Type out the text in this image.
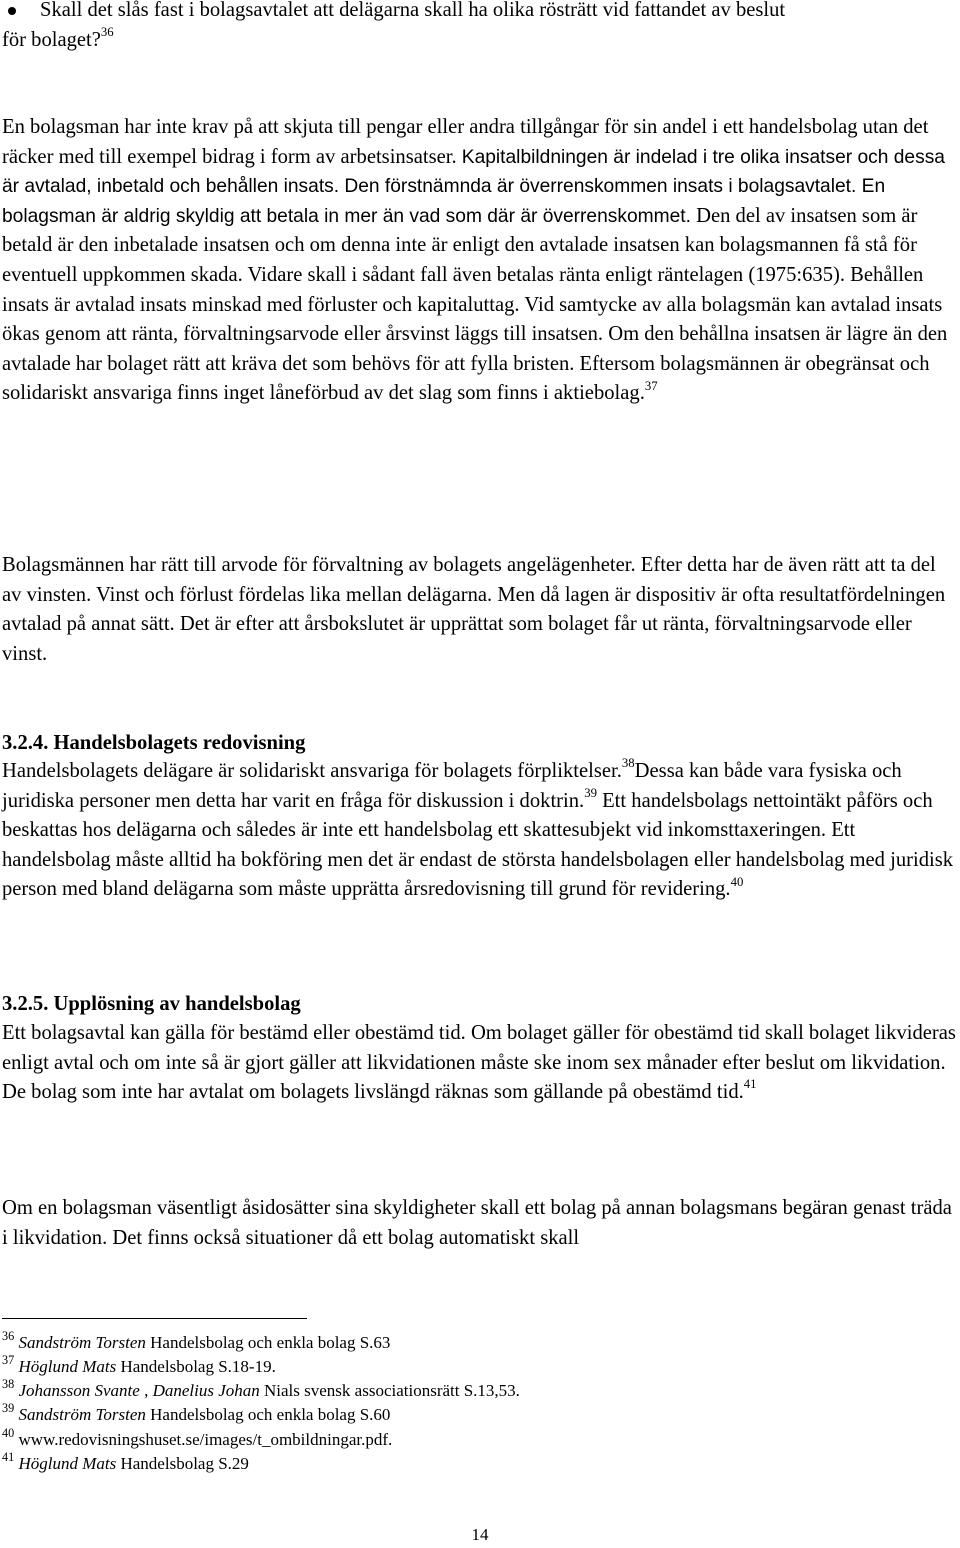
Skall det slås fast i bolagsavtalet att delägarna skall ha olika rösträtt vid fattandet av beslut
för bolaget?$^{36}$

En bolagsman har inte krav på att skjuta till pengar eller andra tillgångar för sin andel i ett handelsbolag utan det räcker med till exempel bidrag i form av arbetsinsatser. Kapitalbildningen är indelad i tre olika insatser och dessa är avtalad, inbetald och behållen insats. Den förstnämnda är överrenskommen insats i bolagsavtalet. En bolagsman är aldrig skyldig att betala in mer än vad som där är överrenskommet. Den del av insatsen som är betald är den inbetalade insatsen och om denna inte är enligt den avtalade insatsen kan bolagsmannen få stå för eventuell uppkommen skada. Vidare skall i sådant fall även betalas ränta enligt räntelagen (1975:635). Behållen insats är avtalad insats minskad med förluster och kapitaluttag. Vid samtycke av alla bolagsmän kan avtalad insats ökas genom att ränta, förvaltningsarvode eller årsvinst läggs till insatsen. Om den behållna insatsen är lägre än den avtalade har bolaget rätt att kräva det som behövs för att fylla bristen. Eftersom bolagsmännen är obegränsat och solidariskt ansvariga finns inget låneförbud av det slag som finns i aktiebolag.$^{37}$

Bolagsmännen har rätt till arvode för förvaltning av bolagets angelägenheter. Efter detta har de även rätt att ta del av vinsten. Vinst och förlust fördelas lika mellan delägarna. Men då lagen är dispositiv är ofta resultatfördelningen avtalad på annat sätt. Det är efter att årsbokslutet är upprättat som bolaget får ut ränta, förvaltningsarvode eller vinst.

3.2.4. Handelsbolagets redovisning

Handelsbolagets delägare är solidariskt ansvariga för bolagets förpliktelser.$^{38}$Dessa kan både vara fysiska och juridiska personer men detta har varit en fråga för diskussion i doktrin.$^{39}$ Ett handelsbolags nettointäkt påförs och beskattas hos delägarna och således är inte ett handelsbolag ett skattesubjekt vid inkomsttaxeringen. Ett handelsbolag måste alltid ha bokföring men det är endast de största handelsbolagen eller handelsbolag med juridisk person med bland delägarna som måste upprätta årsredovisning till grund för revidering.$^{40}$

3.2.5. Upplösning av handelsbolag

Ett bolagsavtal kan gälla för bestämd eller obestämd tid. Om bolaget gäller för obestämd tid skall bolaget likvideras enligt avtal och om inte så är gjort gäller att likvidationen måste ske inom sex månader efter beslut om likvidation. De bolag som inte har avtalat om bolagets livslängd räknas som gällande på obestämd tid.$^{41}$

Om en bolagsman väsentligt åsidosätter sina skyldigheter skall ett bolag på annan bolagsmans begäran genast träda i likvidation. Det finns också situationer då ett bolag automatiskt skall

$^{36}$ Sandström Torsten Handelsbolag och enkla bolag S.63
$^{37}$ Höglund Mats Handelsbolag S.18-19.
$^{38}$ Johansson Svante , Danelius Johan Nials svensk associationsrätt S.13,53.
$^{39}$ Sandström Torsten Handelsbolag och enkla bolag S.60
$^{40}$ www.redovisningshuset.se/images/t_ombildningar.pdf.
$^{41}$ Höglund Mats Handelsbolag S.29
14
